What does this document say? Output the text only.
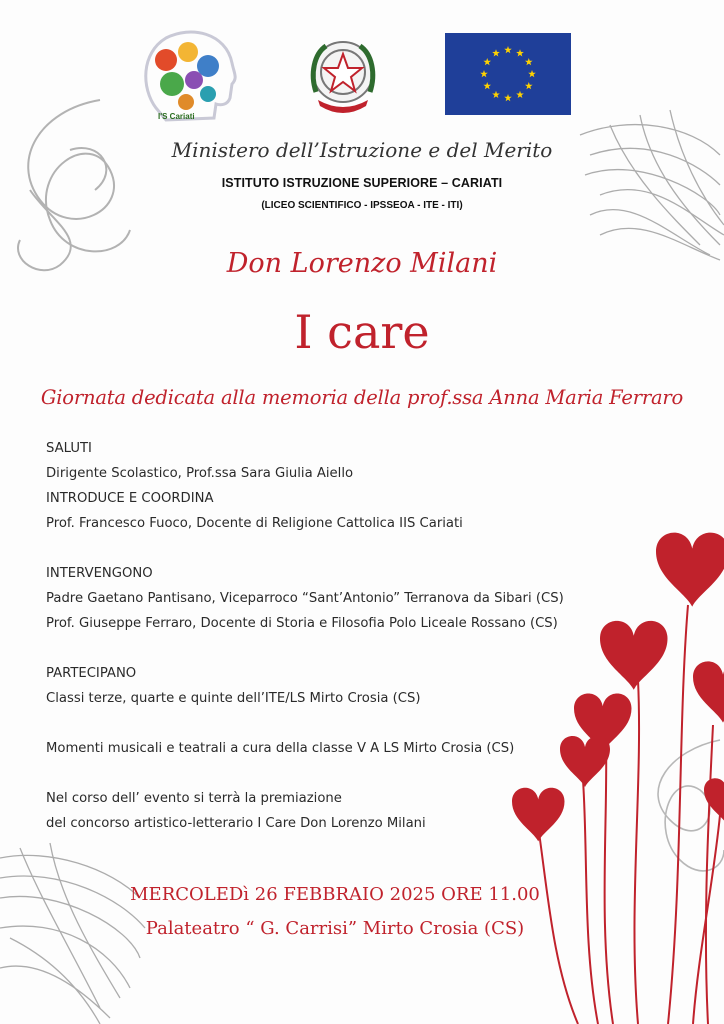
I'S Cariati
Ministero dell’Istruzione e del Merito
ISTITUTO ISTRUZIONE SUPERIORE – CARIATI
(LICEO SCIENTIFICO - IPSSEOA - ITE - ITI)
Don Lorenzo Milani
I care
Giornata dedicata alla memoria della prof.ssa Anna Maria Ferraro
SALUTI
Dirigente Scolastico, Prof.ssa Sara Giulia Aiello
INTRODUCE E COORDINA
Prof. Francesco Fuoco, Docente di Religione Cattolica IIS Cariati
INTERVENGONO
Padre Gaetano Pantisano, Viceparroco “Sant’Antonio” Terranova da Sibari (CS)
Prof. Giuseppe Ferraro, Docente di Storia e Filosofia Polo Liceale Rossano (CS)
PARTECIPANO
Classi terze, quarte e quinte dell’ITE/LS Mirto Crosia (CS)
Momenti musicali e teatrali a cura della classe V A LS Mirto Crosia (CS)
Nel corso dell’ evento si terrà la premiazione
del concorso artistico-letterario I Care Don Lorenzo Milani
MERCOLEDì 26 FEBBRAIO 2025 ORE 11.00
Palateatro “ G. Carrisi” Mirto Crosia (CS)
